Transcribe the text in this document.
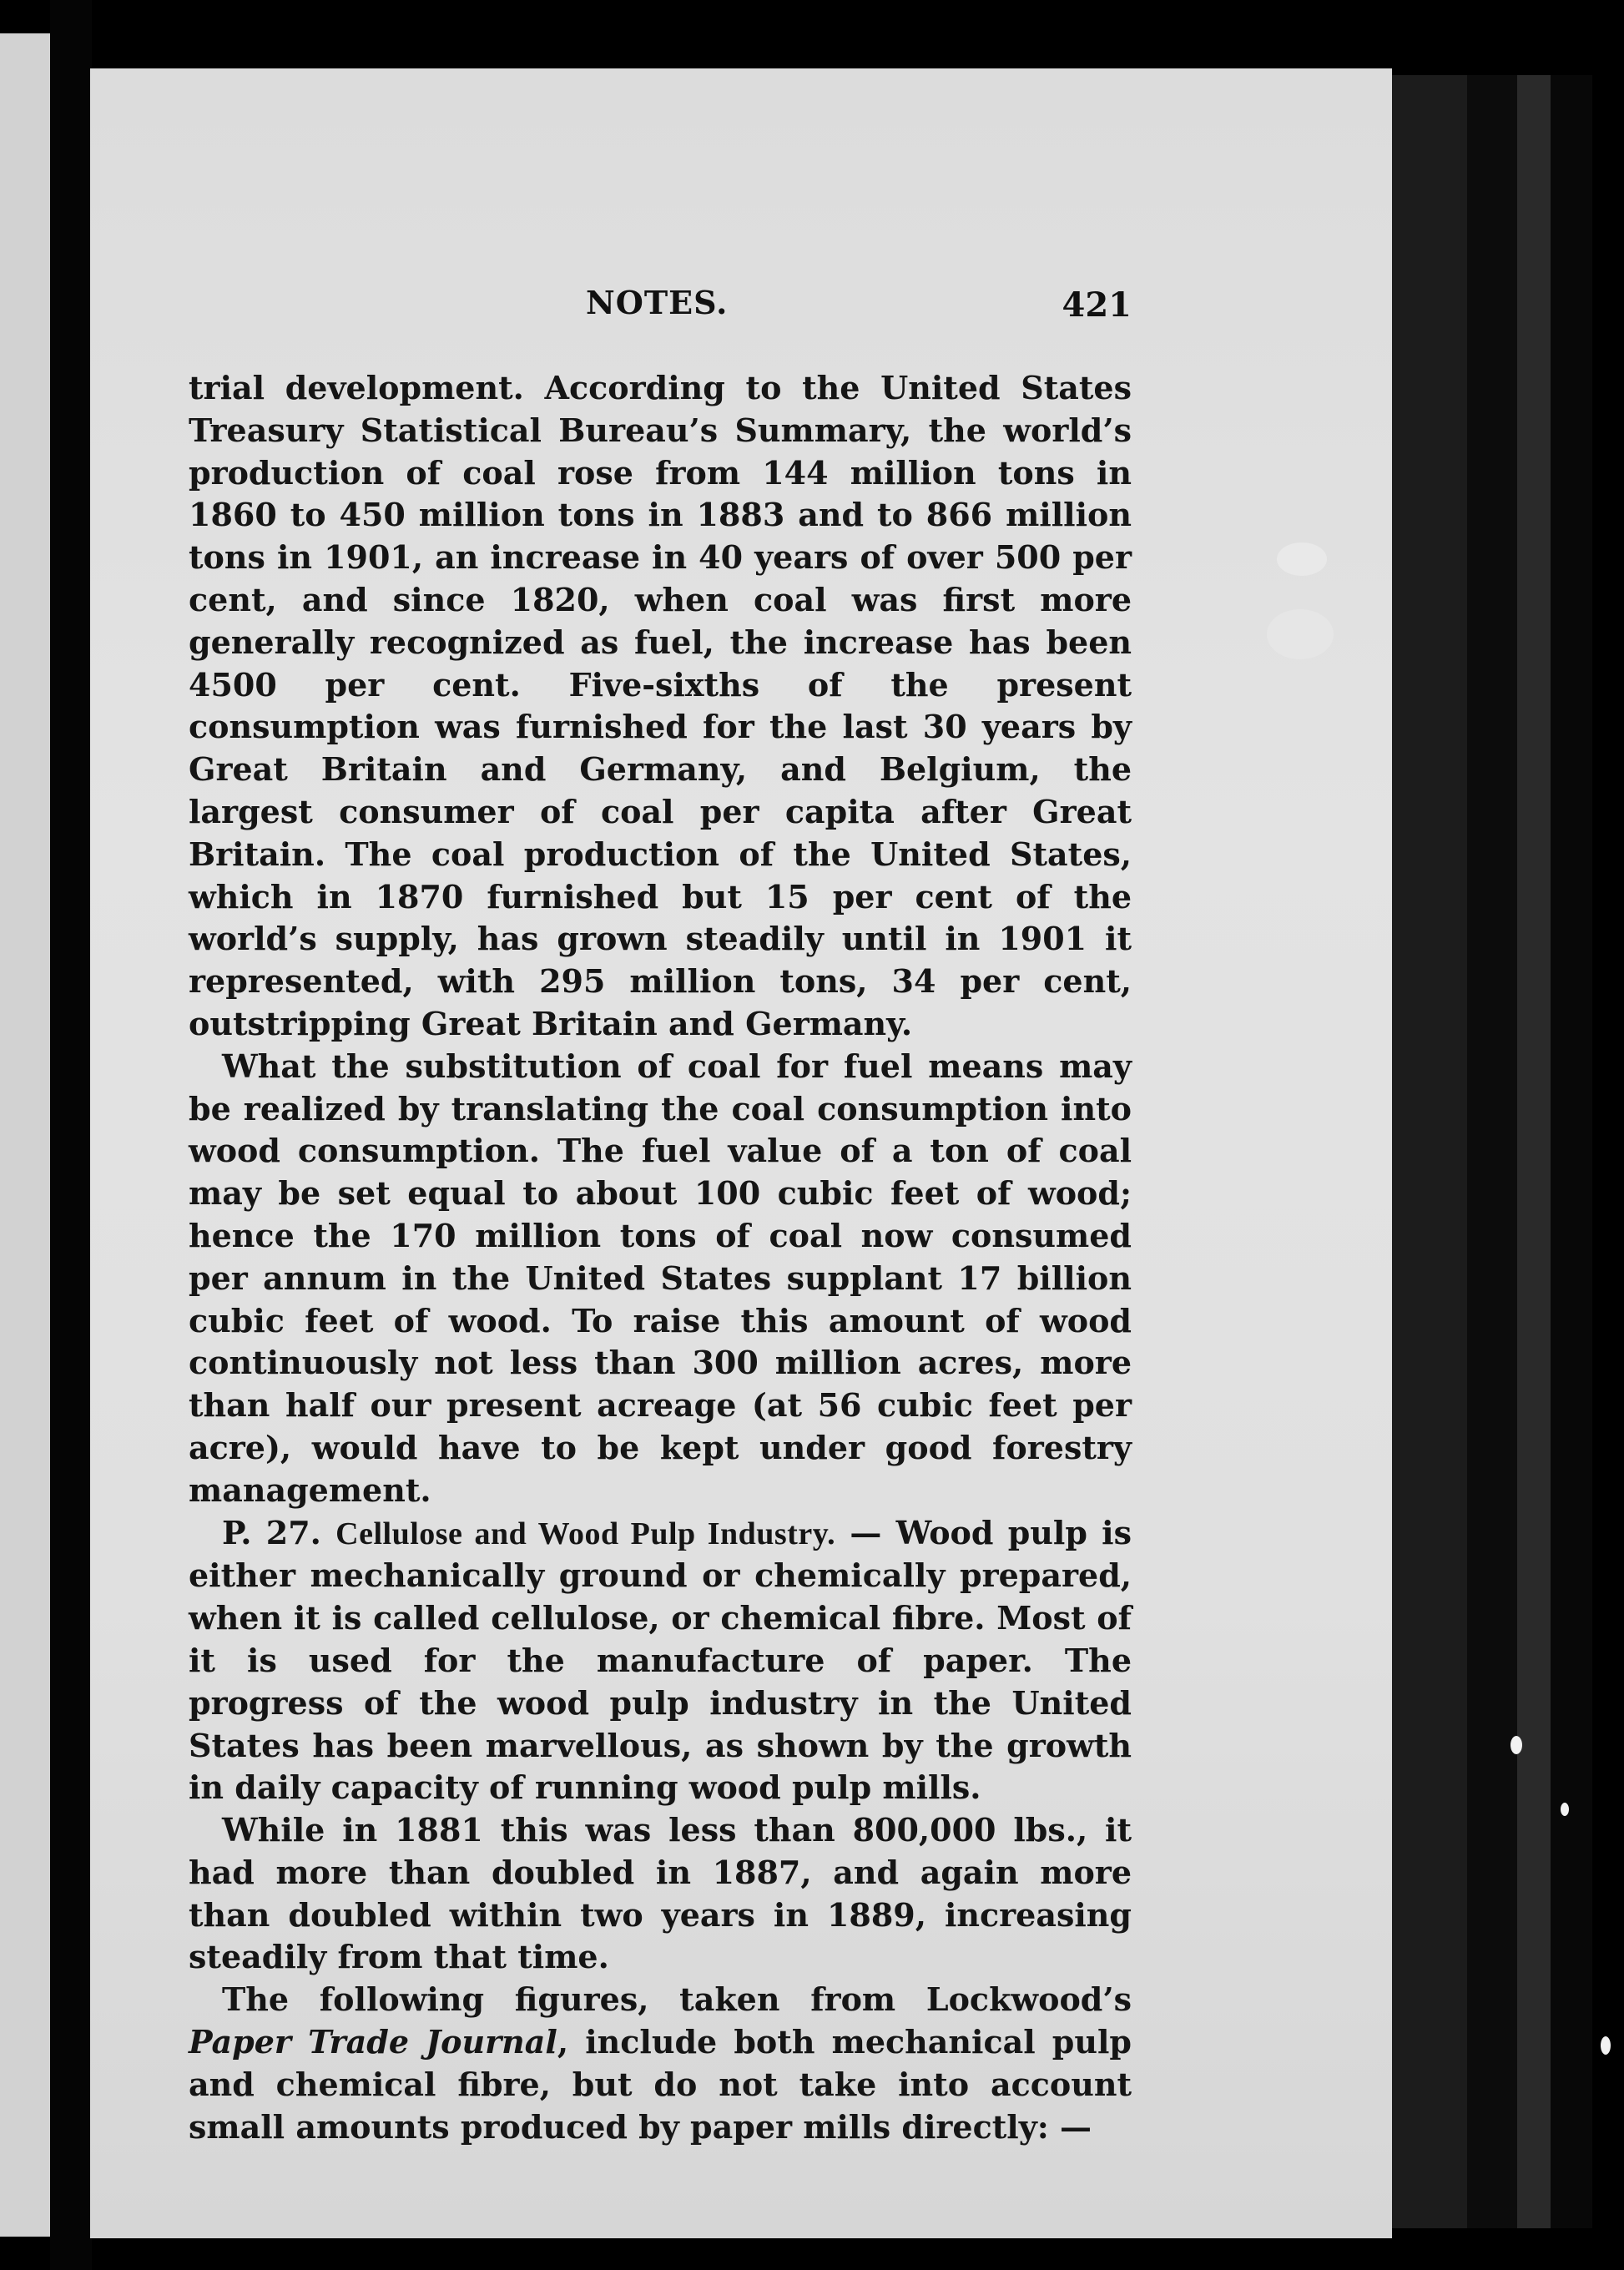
NOTES.	421

trial development. According to the United States Treasury Statistical Bureau’s Summary, the world’s production of coal rose from 144 million tons in 1860 to 450 million tons in 1883 and to 866 million tons in 1901, an increase in 40 years of over 500 per cent, and since 1820, when coal was first more generally recognized as fuel, the increase has been 4500 per cent. Five-sixths of the present consumption was furnished for the last 30 years by Great Britain and Germany, and Belgium, the largest consumer of coal per capita after Great Britain. The coal production of the United States, which in 1870 furnished but 15 per cent of the world’s supply, has grown steadily until in 1901 it represented, with 295 million tons, 34 per cent, outstripping Great Britain and Germany.

What the substitution of coal for fuel means may be realized by translating the coal consumption into wood consumption. The fuel value of a ton of coal may be set equal to about 100 cubic feet of wood; hence the 170 million tons of coal now consumed per annum in the United States supplant 17 billion cubic feet of wood. To raise this amount of wood continuously not less than 300 million acres, more than half our present acreage (at 56 cubic feet per acre), would have to be kept under good forestry management.

P. 27. Cellulose and Wood Pulp Industry. — Wood pulp is either mechanically ground or chemically prepared, when it is called cellulose, or chemical fibre. Most of it is used for the manufacture of paper. The progress of the wood pulp industry in the United States has been marvellous, as shown by the growth in daily capacity of running wood pulp mills.

While in 1881 this was less than 800,000 lbs., it had more than doubled in 1887, and again more than doubled within two years in 1889, increasing steadily from that time.

The following figures, taken from Lockwood’s Paper Trade Journal, include both mechanical pulp and chemical fibre, but do not take into account small amounts produced by paper mills directly: —
